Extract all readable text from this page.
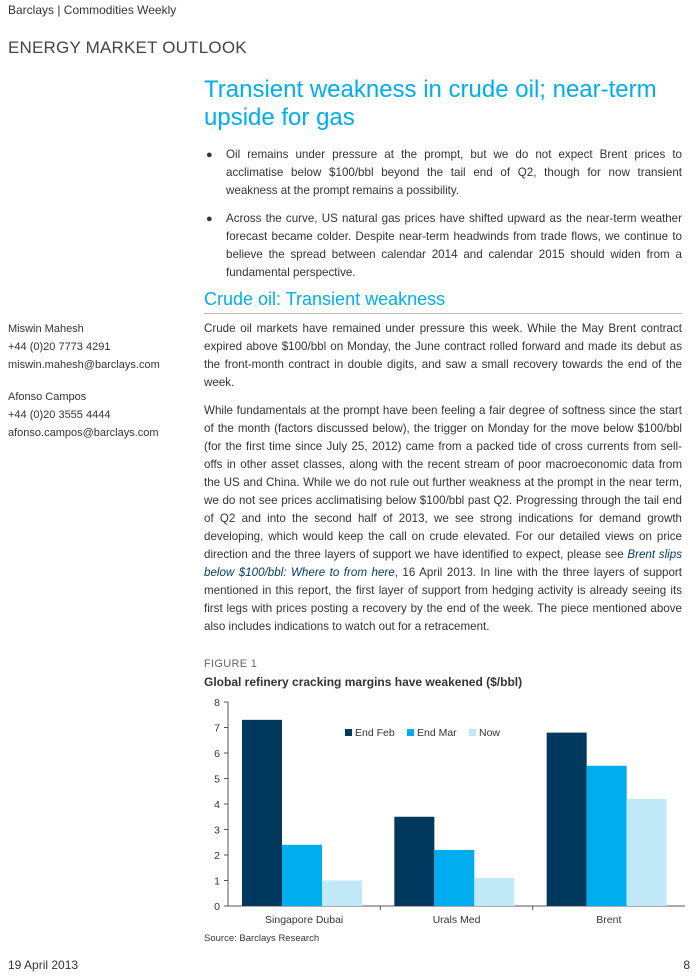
Barclays | Commodities Weekly
ENERGY MARKET OUTLOOK
Transient weakness in crude oil; near-term upside for gas
● Oil remains under pressure at the prompt, but we do not expect Brent prices to acclimatise below $100/bbl beyond the tail end of Q2, though for now transient weakness at the prompt remains a possibility.
● Across the curve, US natural gas prices have shifted upward as the near-term weather forecast became colder. Despite near-term headwinds from trade flows, we continue to believe the spread between calendar 2014 and calendar 2015 should widen from a fundamental perspective.
Crude oil: Transient weakness
Miswin Mahesh
+44 (0)20 7773 4291
miswin.mahesh@barclays.com
Afonso Campos
+44 (0)20 3555 4444
afonso.campos@barclays.com

Crude oil markets have remained under pressure this week. While the May Brent contract expired above $100/bbl on Monday, the June contract rolled forward and made its debut as the front-month contract in double digits, and saw a small recovery towards the end of the week.

While fundamentals at the prompt have been feeling a fair degree of softness since the start of the month (factors discussed below), the trigger on Monday for the move below $100/bbl (for the first time since July 25, 2012) came from a packed tide of cross currents from sell-offs in other asset classes, along with the recent stream of poor macroeconomic data from the US and China. While we do not rule out further weakness at the prompt in the near term, we do not see prices acclimatising below $100/bbl past Q2. Progressing through the tail end of Q2 and into the second half of 2013, we see strong indications for demand growth developing, which would keep the call on crude elevated. For our detailed views on price direction and the three layers of support we have identified to expect, please see Brent slips below $100/bbl: Where to from here, 16 April 2013. In line with the three layers of support mentioned in this report, the first layer of support from hedging activity is already seeing its first legs with prices posting a recovery by the end of the week. The piece mentioned above also includes indications to watch out for a retracement.

FIGURE 1
Global refinery cracking margins have weakened ($/bbl)
0
1
2
3
4
5
6
7
8
Singapore Dubai	Urals Med	Brent
End Feb End Mar Now
Source: Barclays Research
19 April 2013	8
